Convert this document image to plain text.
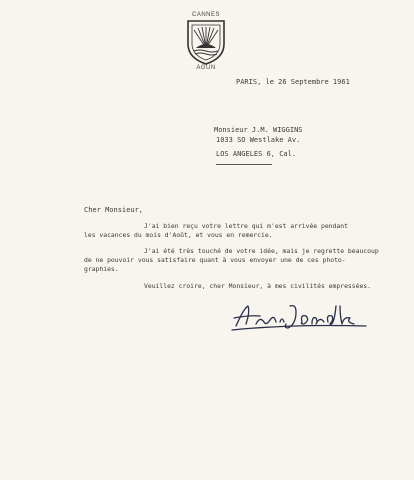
CANNES
AGUN
PARIS, le 26 Septembre 1961
Monsieur J.M. WIGGINS
1033 SO Westlake Av.
LOS ANGELES 6, Cal.
Cher Monsieur,
J'ai bien reçu votre lettre qui m'est arrivée pendant
les vacances du mois d'Août, et vous en remercie.
J'ai été très touché de votre idée, mais je regrette beaucoup
de ne pouvoir vous satisfaire quant à vous envoyer une de ces photo-
graphies.
Veuillez croire, cher Monsieur, à mes civilités empressées.
